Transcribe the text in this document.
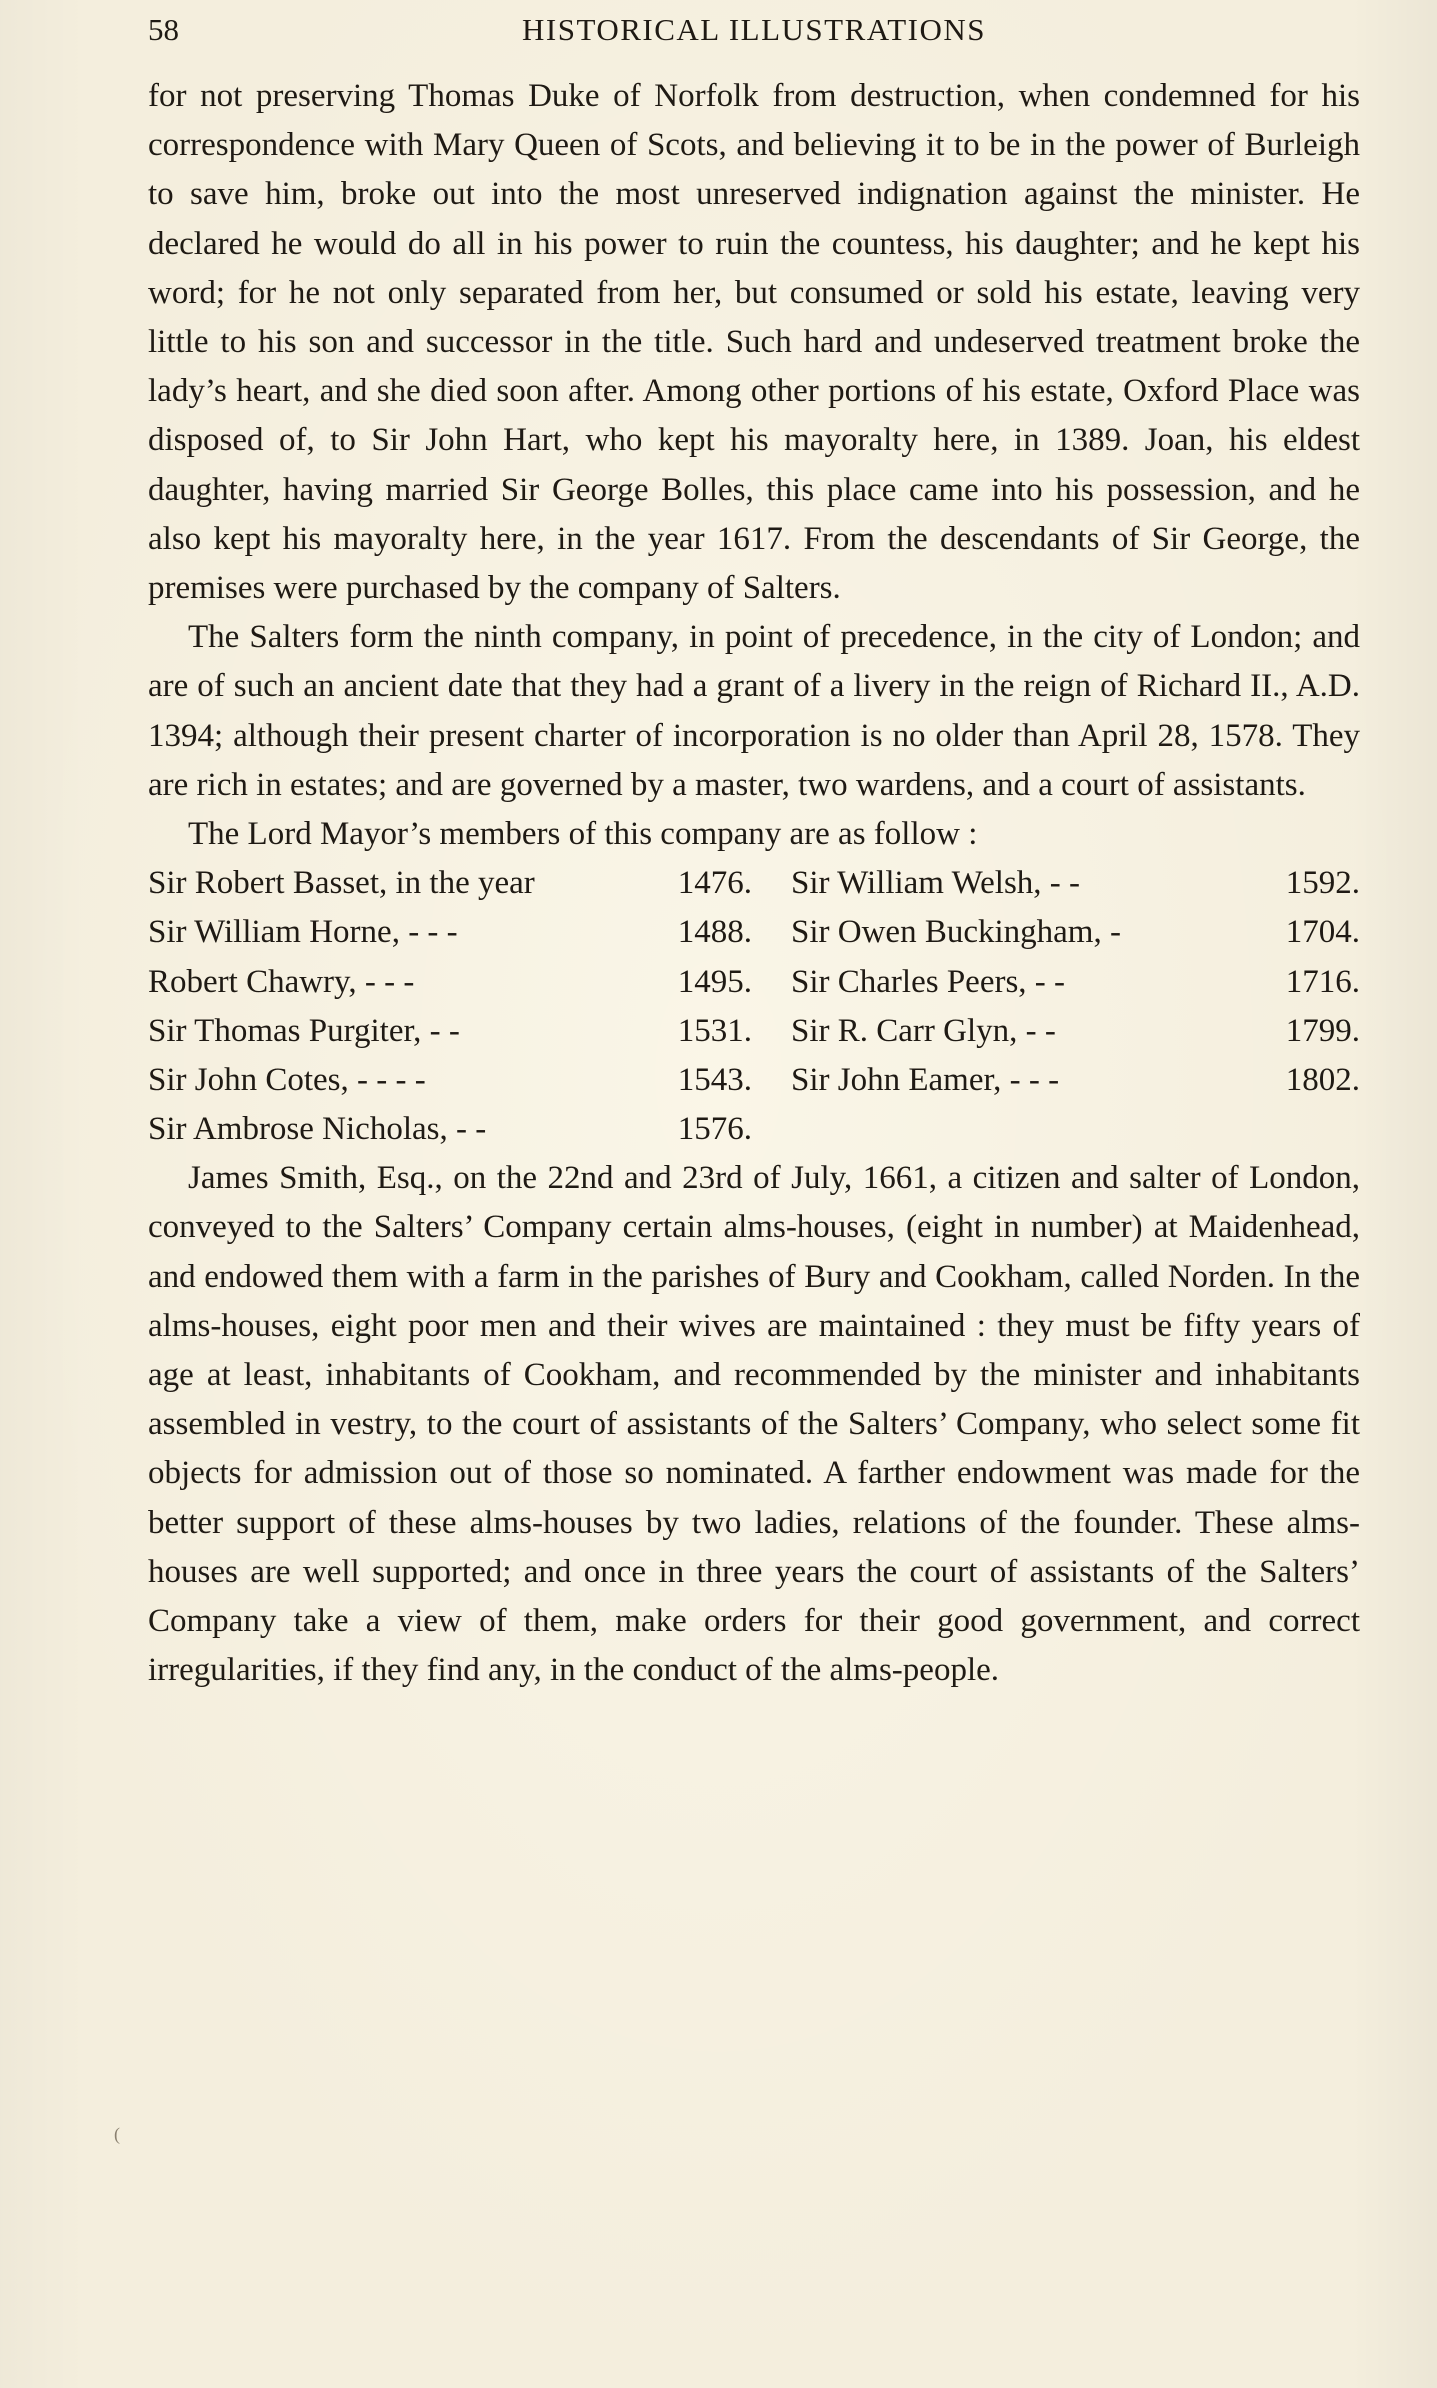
58	HISTORICAL ILLUSTRATIONS

for not preserving Thomas Duke of Norfolk from destruction, when condemned for his correspondence with Mary Queen of Scots, and believing it to be in the power of Burleigh to save him, broke out into the most unreserved indignation against the minister. He declared he would do all in his power to ruin the countess, his daughter; and he kept his word; for he not only separated from her, but consumed or sold his estate, leaving very little to his son and successor in the title. Such hard and undeserved treatment broke the lady’s heart, and she died soon after. Among other portions of his estate, Oxford Place was disposed of, to Sir John Hart, who kept his mayoralty here, in 1389. Joan, his eldest daughter, having married Sir George Bolles, this place came into his possession, and he also kept his mayoralty here, in the year 1617. From the descendants of Sir George, the premises were purchased by the company of Salters.

The Salters form the ninth company, in point of precedence, in the city of London; and are of such an ancient date that they had a grant of a livery in the reign of Richard II., A.D. 1394; although their present charter of incorporation is no older than April 28, 1578. They are rich in estates; and are governed by a master, two wardens, and a court of assistants.

The Lord Mayor’s members of this company are as follow :

Sir Robert Basset, in the year	1476.
Sir William Horne, - - -	1488.
Robert Chawry, - - -	1495.
Sir Thomas Purgiter, - -	1531.
Sir John Cotes, - - - -	1543.
Sir Ambrose Nicholas, - -	1576.
Sir William Welsh, - -	1592.
Sir Owen Buckingham, -	1704.
Sir Charles Peers, - -	1716.
Sir R. Carr Glyn, - -	1799.
Sir John Eamer, - - -	1802.

James Smith, Esq., on the 22nd and 23rd of July, 1661, a citizen and salter of London, conveyed to the Salters’ Company certain alms-houses, (eight in number) at Maidenhead, and endowed them with a farm in the parishes of Bury and Cookham, called Norden. In the alms-houses, eight poor men and their wives are maintained : they must be fifty years of age at least, inhabitants of Cookham, and recommended by the minister and inhabitants assembled in vestry, to the court of assistants of the Salters’ Company, who select some fit objects for admission out of those so nominated. A farther endowment was made for the better support of these alms-houses by two ladies, relations of the founder. These alms-houses are well supported; and once in three years the court of assistants of the Salters’ Company take a view of them, make orders for their good government, and correct irregularities, if they find any, in the conduct of the alms-people.

(
